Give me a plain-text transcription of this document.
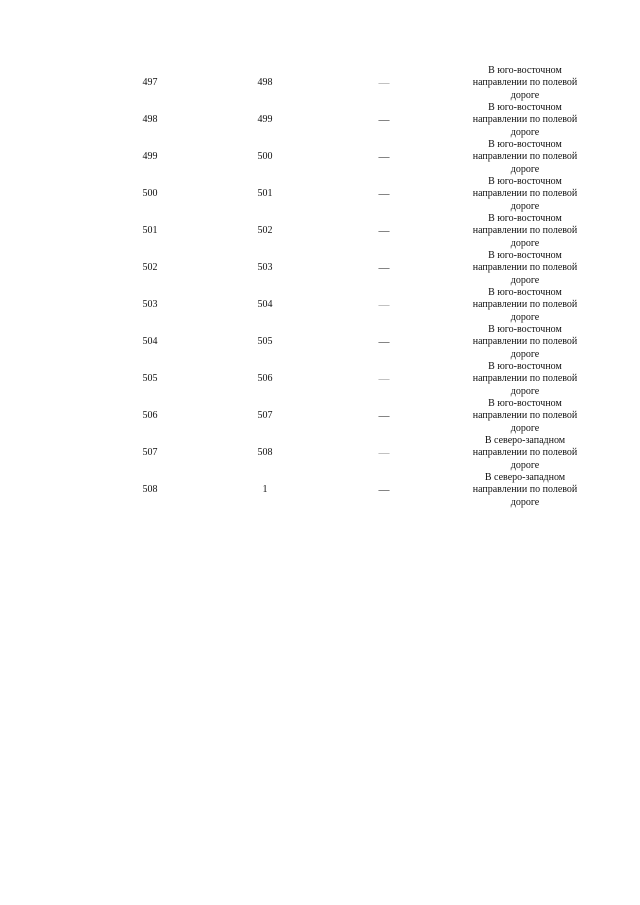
497	498	—
В юго-восточном
направлении по полевой
дороге
498	499	—
В юго-восточном
направлении по полевой
дороге
499	500	—
В юго-восточном
направлении по полевой
дороге
500	501	—
В юго-восточном
направлении по полевой
дороге
501	502	—
В юго-восточном
направлении по полевой
дороге
502	503	—
В юго-восточном
направлении по полевой
дороге
503	504	—
В юго-восточном
направлении по полевой
дороге
504	505	—
В юго-восточном
направлении по полевой
дороге
505	506	—
В юго-восточном
направлении по полевой
дороге
506	507	—
В юго-восточном
направлении по полевой
дороге
507	508	—
В северо-западном
направлении по полевой
дороге
508	1	—
В северо-западном
направлении по полевой
дороге
